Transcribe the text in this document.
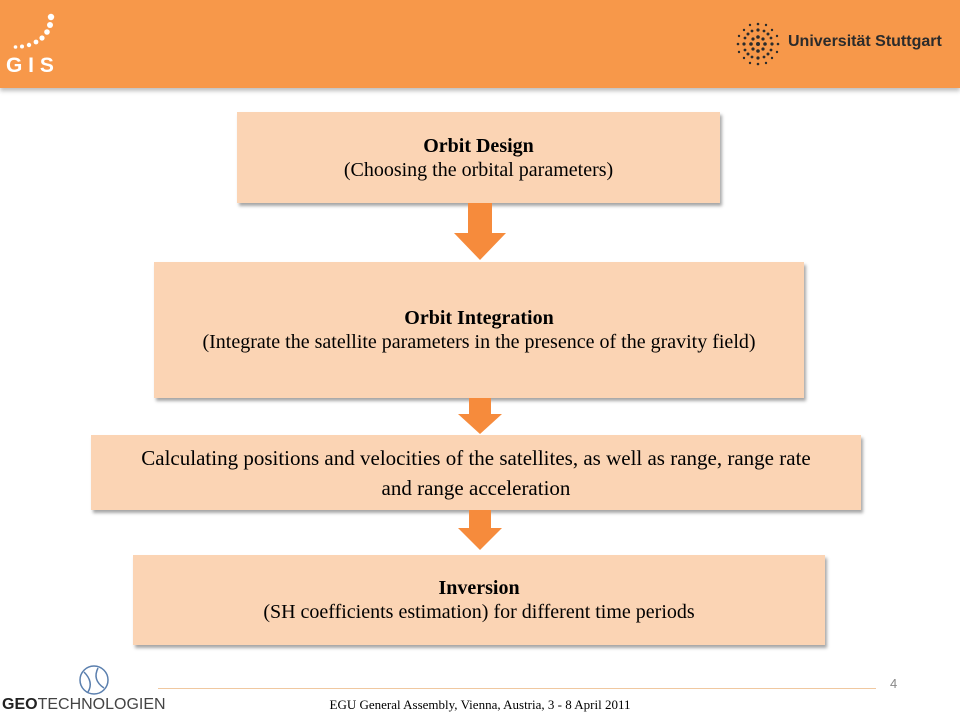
G I S
Universität Stuttgart
Orbit Design
(Choosing the orbital parameters)
Orbit Integration
(Integrate the satellite parameters in the presence of the gravity field)
Calculating positions and velocities of the satellites, as well as range, range rate and range acceleration
Inversion
(SH coefficients estimation) for different time periods
GEOTECHNOLOGIEN
4
EGU General Assembly, Vienna, Austria, 3 - 8 April 2011
